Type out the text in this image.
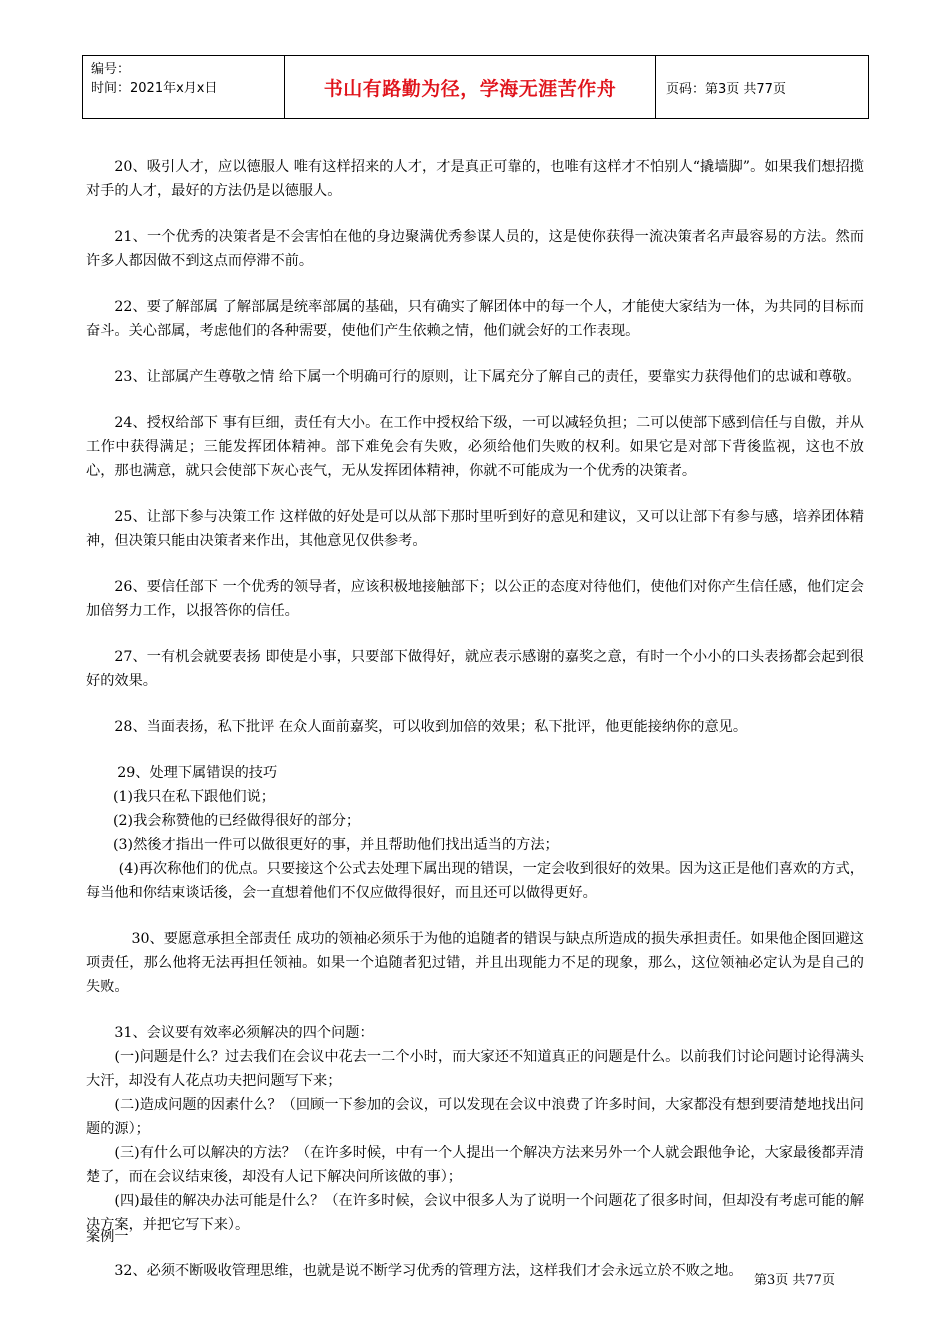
编号：
时间：2021年x月x日	书山有路勤为径，学海无涯苦作舟	页码：第3页 共77页

20、吸引人才，应以德服人 唯有这样招来的人才，才是真正可靠的，也唯有这样才不怕别人“撬墙脚”。如果我们想招揽对手的人才，最好的方法仍是以德服人。

21、一个优秀的决策者是不会害怕在他的身边聚满优秀参谋人员的，这是使你获得一流决策者名声最容易的方法。然而许多人都因做不到这点而停滞不前。

22、要了解部属 了解部属是统率部属的基础，只有确实了解团体中的每一个人，才能使大家结为一体，为共同的目标而奋斗。关心部属，考虑他们的各种需要，使他们产生依赖之情，他们就会好的工作表现。

23、让部属产生尊敬之情 给下属一个明确可行的原则，让下属充分了解自己的责任，要靠实力获得他们的忠诚和尊敬。

24、授权给部下 事有巨细，责任有大小。在工作中授权给下级，一可以减轻负担；二可以使部下感到信任与自傲，并从工作中获得满足；三能发挥团体精神。部下难免会有失败，必须给他们失败的权利。如果它是对部下背後监视，这也不放心，那也满意，就只会使部下灰心丧气，无从发挥团体精神，你就不可能成为一个优秀的决策者。

25、让部下参与决策工作 这样做的好处是可以从部下那时里听到好的意见和建议，又可以让部下有参与感，培养团体精神，但决策只能由决策者来作出，其他意见仅供参考。

26、要信任部下 一个优秀的领导者，应该积极地接触部下；以公正的态度对待他们，使他们对你产生信任感，他们定会加倍努力工作，以报答你的信任。

27、一有机会就要表扬 即使是小事，只要部下做得好，就应表示感谢的嘉奖之意，有时一个小小的口头表扬都会起到很好的效果。

28、当面表扬，私下批评 在众人面前嘉奖，可以收到加倍的效果；私下批评，他更能接纳你的意见。

29、处理下属错误的技巧

(1)我只在私下跟他们说；

(2)我会称赞他的已经做得很好的部分；

(3)然後才指出一件可以做很更好的事，并且帮助他们找出适当的方法；

(4)再次称他们的优点。只要接这个公式去处理下属出现的错误，一定会收到很好的效果。因为这正是他们喜欢的方式，每当他和你结束谈话後，会一直想着他们不仅应做得很好，而且还可以做得更好。

30、要愿意承担全部责任 成功的领袖必须乐于为他的追随者的错误与缺点所造成的损失承担责任。如果他企图回避这项责任，那么他将无法再担任领袖。如果一个追随者犯过错，并且出现能力不足的现象，那么，这位领袖必定认为是自己的失败。

31、会议要有效率必须解决的四个问题：

(一)问题是什么？过去我们在会议中花去一二个小时，而大家还不知道真正的问题是什么。以前我们讨论问题讨论得满头大汗，却没有人花点功夫把问题写下来；

(二)造成问题的因素什么？（回顾一下参加的会议，可以发现在会议中浪费了许多时间，大家都没有想到要清楚地找出问题的源）；

(三)有什么可以解决的方法？（在许多时候，中有一个人提出一个解决方法来另外一个人就会跟他争论，大家最後都弄清楚了，而在会议结束後，却没有人记下解决问所该做的事）；

(四)最佳的解决办法可能是什么？（在许多时候，会议中很多人为了说明一个问题花了很多时间，但却没有考虑可能的解决方案，并把它写下来）。

32、必须不断吸收管理思维，也就是说不断学习优秀的管理方法，这样我们才会永远立於不败之地。

案例一
第3页 共77页
